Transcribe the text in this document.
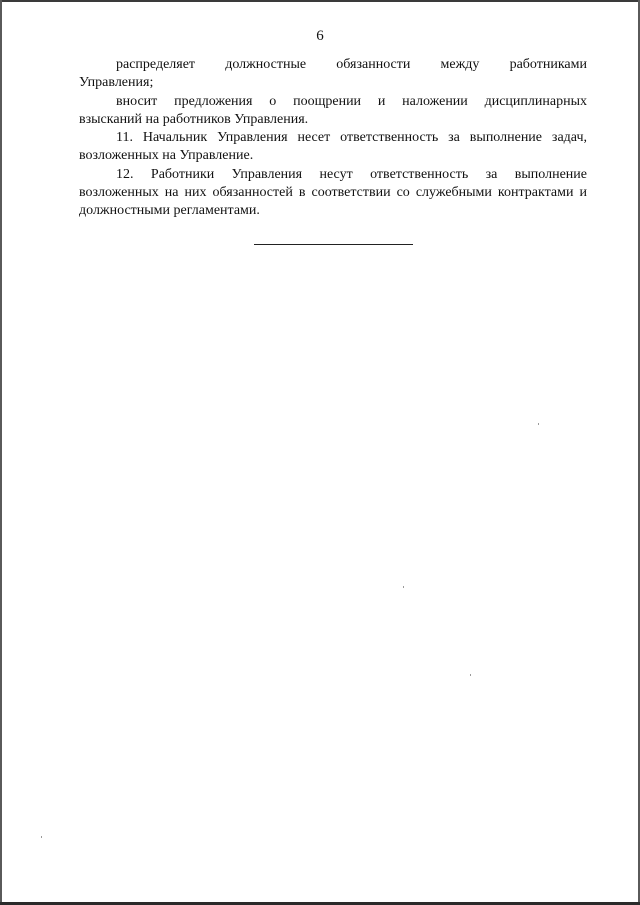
6

распределяет должностные обязанности между работниками

Управления;

вносит предложения о поощрении и наложении дисциплинарных

взысканий на работников Управления.

11. Начальник Управления несет ответственность за выполнение задач,

возложенных на Управление.

12. Работники Управления несут ответственность за выполнение

возложенных на них обязанностей в соответствии со служебными контрактами и должностными регламентами.
